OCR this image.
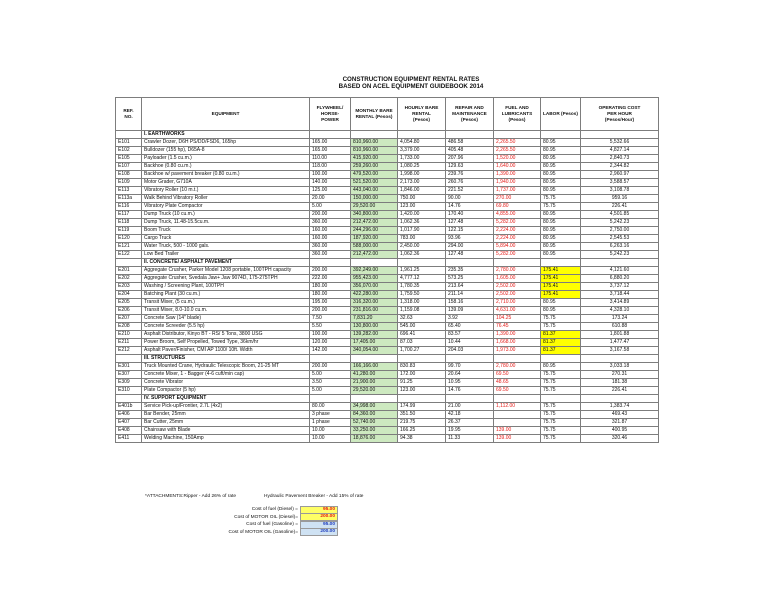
CONSTRUCTION EQUIPMENT RENTAL RATES
BASED ON ACEL EQUIPMENT GUIDEBOOK 2014
REF.
NO.	EQUIPMENT	FLYWHEEL/
HORSE-
POWER	MONTHLY BARE
RENTAL (Pesos)	HOURLY BARE
RENTAL
(Pesos)	REPAIR AND
MAINTENANCE
(Pesos)	FUEL AND
LUBRICANTS
(Pesos)	LABOR (Pesos)	OPERATING COST
PER HOUR
(Pesos/Hour)
	I. EARTHWORKS							
E101	Crawler Dozer, D6H PS/DD/FSD6, 165hp	165.00	810,960.00	4,054.80	486.58	2,265.50	80.95	5,532.66
E102	Bulldozer (155 hp), D65A-8	165.00	810,960.00	3,379.00	405.48	2,265.50	80.95	4,827.14
E105	Payloader (1.5 cu.m.)	110.00	415,920.00	1,733.00	207.96	1,520.00	80.95	2,840.73
E107	Backhoe (0.80 cu.m.)	118.00	259,260.00	1,080.25	129.63	1,640.00	80.95	2,344.82
E108	Backhoe w/ pavement breaker (0.80 cu.m.)	100.00	479,520.00	1,998.00	239.76	1,390.00	80.95	2,960.97
E109	Motor Grader, G710A	140.00	521,520.00	2,173.00	260.76	1,940.00	80.95	3,588.57
E113	Vibratory Roller (10 m.t.)	125.00	443,040.00	1,846.00	221.52	1,737.00	80.95	3,108.78
E113a	Walk Behind Vibratory Roller	20.00	150,000.00	750.00	90.00	270.00	75.75	959.16
E116	Vibratory Plate Compactor	5.00	29,520.00	123.00	14.76	69.80	75.75	226.41
E117	Dump Truck (10 cu.m.)	200.00	340,800.00	1,420.00	170.40	4,855.00	80.95	4,501.85
E118	Dump Truck, 11.48-15.5cu.m.	360.00	212,472.00	1,062.36	127.48	5,282.00	80.95	5,242.23
E119	Boom Truck	160.00	244,296.00	1,017.90	122.15	2,224.00	80.95	2,750.00
E120	Cargo Truck	160.00	187,920.00	783.00	93.96	2,224.00	80.95	2,545.53
E121	Water Truck, 500 - 1000 gals.	360.00	588,000.00	2,450.00	294.00	5,894.00	80.95	6,263.16
E122	Low Bed Trailer	360.00	212,472.00	1,062.36	127.48	5,282.00	80.95	5,242.23
	II. CONCRETE/ ASPHALT PAVEMENT							
E201	Aggregate Crusher, Parker Model 1208 portable, 100TPH capacity	200.00	392,249.00	1,961.25	235.35	2,780.00	175.41	4,121.60
E202	Aggregate Crusher, Svedala Jaw+ Jaw 9074D, 175-275TPH	222.00	955,423.00	4,777.12	573.25	1,605.00	175.41	6,880.20
E203	Washing / Screening Plant, 100TPH	180.00	356,070.00	1,780.35	213.64	2,502.00	175.41	3,737.12
E204	Batching Plant (30 cu.m.)	180.00	422,280.00	1,759.50	211.14	2,502.00	175.41	3,718.44
E205	Transit Mixer, (5 cu.m.)	195.00	316,320.00	1,318.00	158.16	2,710.00	80.95	3,414.89
E206	Transit Mixer, 8.0-10.0 cu.m.	200.00	231,816.00	1,159.08	139.09	4,631.00	80.95	4,328.10
E207	Concrete Saw (14" blade)	7.50	7,831.20	32.63	3.92	104.25	75.75	173.24
E208	Concrete Screeder (5.5 hp)	5.50	130,800.00	545.00	65.40	76.45	75.75	610.88
E210	Asphalt Distributor, Kinyo BT - RS/ 5 Tons, 3800 USG	100.00	139,282.00	696.41	83.57	1,390.00	81.37	1,801.88
E211	Power Broom, Self Propelled, Towed Type, 36km/hr	120.00	17,405.00	87.03	10.44	1,668.00	81.37	1,477.47
E212	Asphalt Paver/Finisher, CMI AP 1100/ 10ft. Width	142.00	340,054.00	1,700.27	204.03	1,973.00	81.37	3,167.58
	III. STRUCTURES							
E301	Truck Mounted Crane, Hydraulic Telescopic Boom, 21-25 MT	200.00	166,166.00	830.83	99.70	2,780.00	80.95	3,033.18
E307	Concrete Mixer, 1 - Bagger (4-6 cuft/min cap)	5.00	41,280.00	172.00	20.64	69.50	75.75	270.31
E309	Concrete Vibrator	3.50	21,900.00	91.25	10.95	48.65	75.75	181.38
E310	Plate Compactor (5 hp)	5.00	29,520.00	123.00	14.76	69.50	75.75	226.41
	IV. SUPPORT EQUIPMENT							
E401b	Service Pick-up/Frontier, 2.7L (4x2)	80.00	34,998.00	174.99	21.00	1,112.00	75.75	1,383.74
E406	Bar Bender, 25mm	3 phase	84,360.00	351.50	42.18		75.75	469.43
E407	Bar Cutter, 25mm	1 phase	52,740.00	219.75	26.37		75.75	321.87
E408	Chainsaw with Blade	10.00	33,250.00	166.25	19.95	139.00	75.75	400.95
E411	Welding Machine, 150Amp	10.00	18,876.00	94.38	11.33	139.00	75.75	320.46
*ATTACHMENTS:Ripper - Add 26% of rate	Hydraulic Pavement Breaker - Add 15% of rate
Cost of fuel (Diesel) =	95.00
Cost of MOTOR OIL (Diesel)=	200.00
Cost of fuel (Gasoline) =	95.00
Cost of MOTOR OIL (Gasoline)=	200.00
